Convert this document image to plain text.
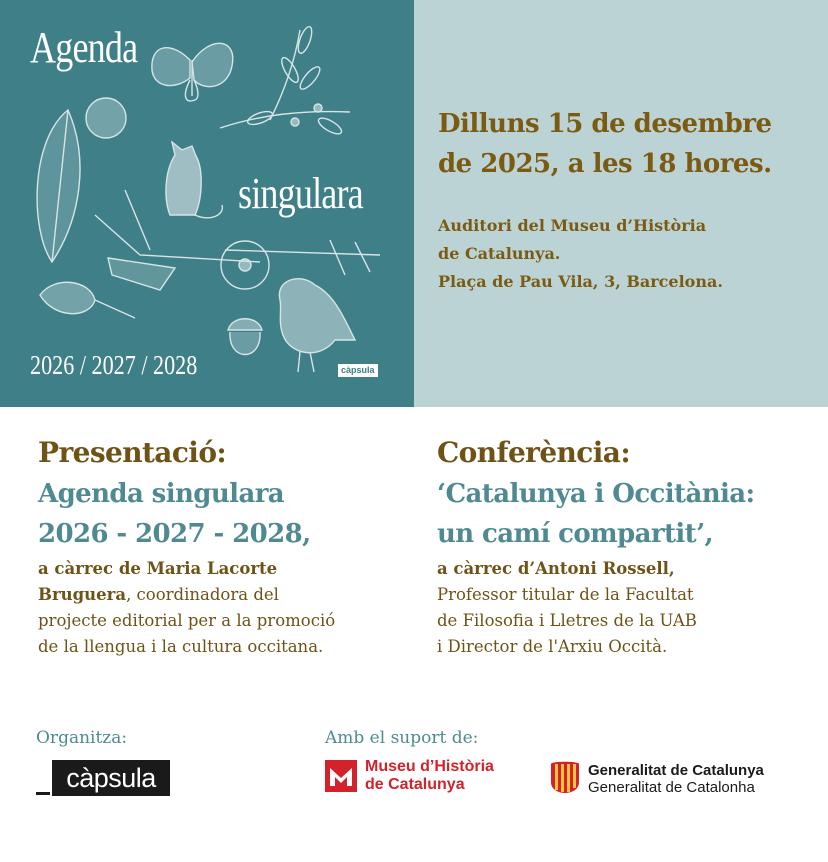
Agenda
singulara
2026 / 2027 / 2028	càpsula

Dilluns 15 de desembre
de 2025, a les 18 hores.

Auditori del Museu d’Història
de Catalunya.
Plaça de Pau Vila, 3, Barcelona.

Presentació:

Agenda singulara
2026 - 2027 - 2028,

a càrrec de Maria Lacorte
Bruguera, coordinadora del
projecte editorial per a la promoció
de la llengua i la cultura occitana.

Conferència:

‘Catalunya i Occitània:
un camí compartit’,

a càrrec d’Antoni Rossell,
Professor titular de la Facultat
de Filosofia i Lletres de la UAB
i Director de l'Arxiu Occità.
Organitza:
càpsula
Amb el suport de:
Museu d’Història
de Catalunya
Generalitat de Catalunya
Generalitat de Catalonha
